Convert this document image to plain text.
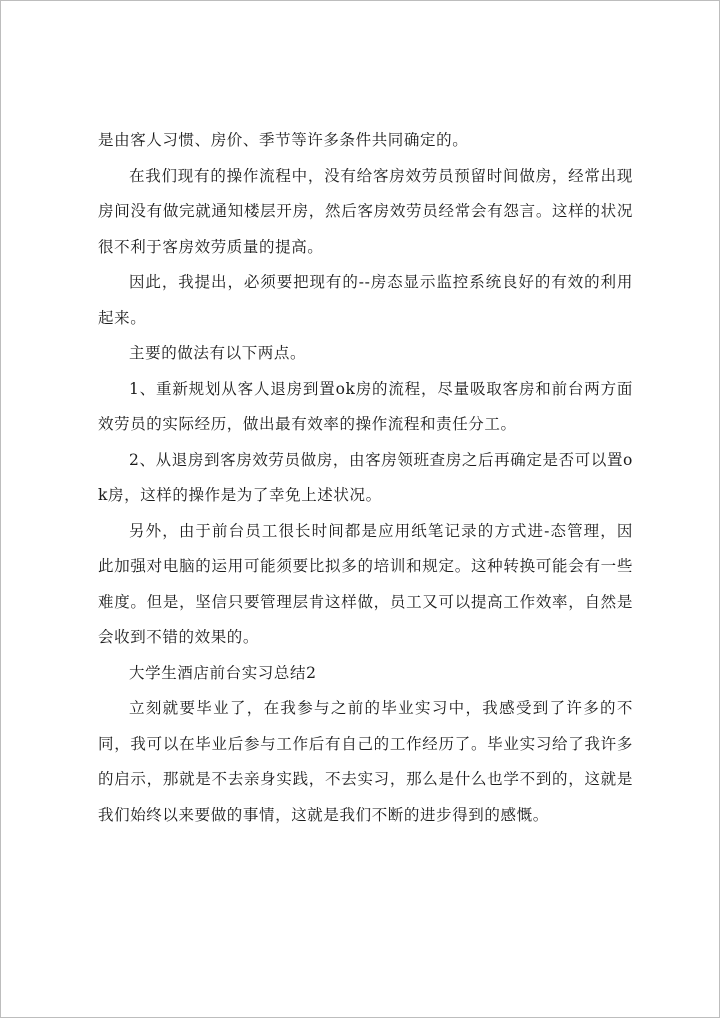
是由客人习惯、房价、季节等许多条件共同确定的。

在我们现有的操作流程中，没有给客房效劳员预留时间做房，经常出现房间没有做完就通知楼层开房，然后客房效劳员经常会有怨言。这样的状况很不利于客房效劳质量的提高。

因此，我提出，必须要把现有的--房态显示监控系统良好的有效的利用起来。

主要的做法有以下两点。

1、重新规划从客人退房到置ok房的流程，尽量吸取客房和前台两方面效劳员的实际经历，做出最有效率的操作流程和责任分工。

2、从退房到客房效劳员做房，由客房领班查房之后再确定是否可以置ok房，这样的操作是为了幸免上述状况。

另外，由于前台员工很长时间都是应用纸笔记录的方式进-态管理，因此加强对电脑的运用可能须要比拟多的培训和规定。这种转换可能会有一些难度。但是，坚信只要管理层肯这样做，员工又可以提高工作效率，自然是会收到不错的效果的。

大学生酒店前台实习总结2

立刻就要毕业了，在我参与之前的毕业实习中，我感受到了许多的不同，我可以在毕业后参与工作后有自己的工作经历了。毕业实习给了我许多的启示，那就是不去亲身实践，不去实习，那么是什么也学不到的，这就是我们始终以来要做的事情，这就是我们不断的进步得到的感慨。
